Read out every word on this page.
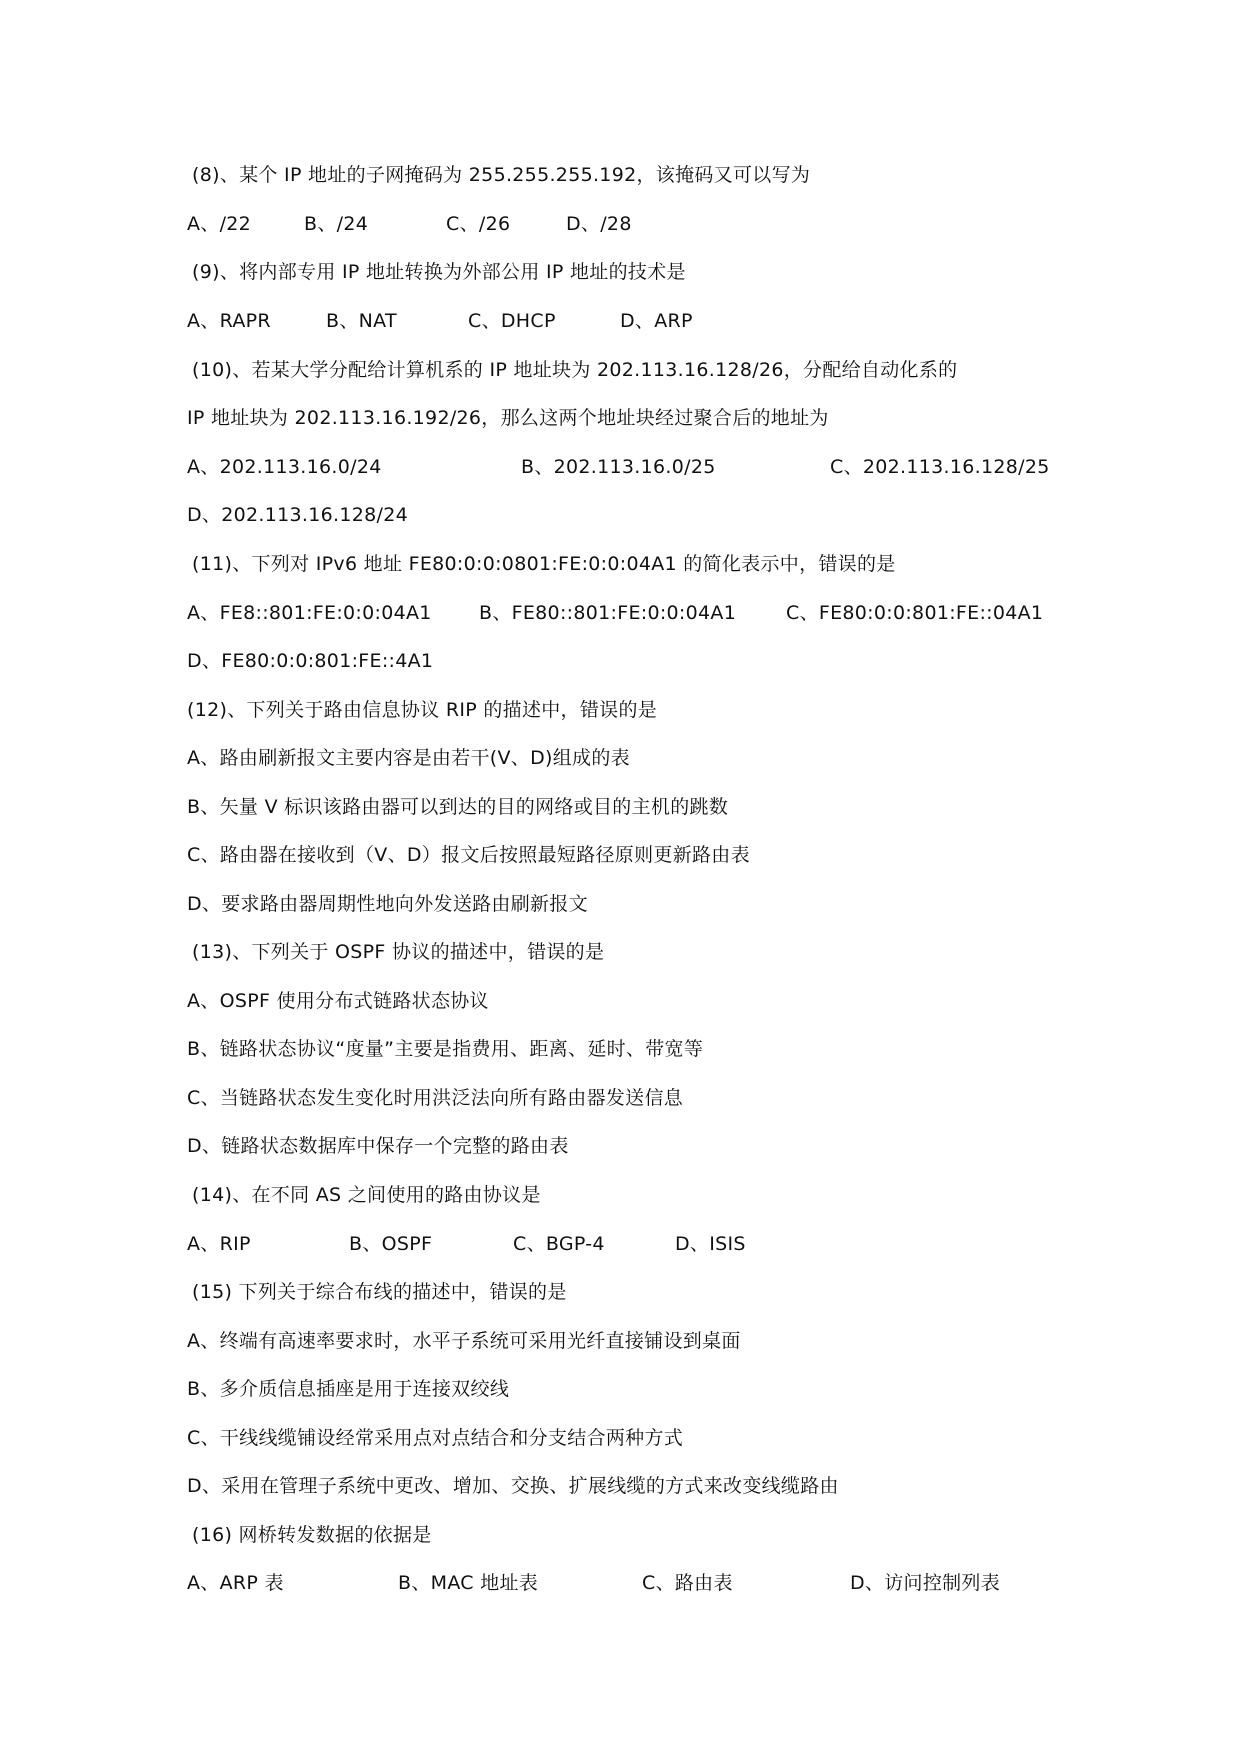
(8)、某个 IP 地址的子网掩码为 255.255.255.192，该掩码又可以写为
A、/22	B、/24	C、/26	D、/28
(9)、将内部专用 IP 地址转换为外部公用 IP 地址的技术是
A、RAPR	B、NAT	C、DHCP	D、ARP
(10)、若某大学分配给计算机系的 IP 地址块为 202.113.16.128/26，分配给自动化系的
IP 地址块为 202.113.16.192/26，那么这两个地址块经过聚合后的地址为
A、202.113.16.0/24	B、202.113.16.0/25	C、202.113.16.128/25
D、202.113.16.128/24
(11)、下列对 IPv6 地址 FE80:0:0:0801:FE:0:0:04A1 的简化表示中，错误的是
A、FE8::801:FE:0:0:04A1 B、FE80::801:FE:0:0:04A1	C、FE80:0:0:801:FE::04A1
D、FE80:0:0:801:FE::4A1
(12)、下列关于路由信息协议 RIP 的描述中，错误的是
A、路由刷新报文主要内容是由若干(V、D)组成的表
B、矢量 V 标识该路由器可以到达的目的网络或目的主机的跳数
C、路由器在接收到（V、D）报文后按照最短路径原则更新路由表
D、要求路由器周期性地向外发送路由刷新报文
(13)、下列关于 OSPF 协议的描述中，错误的是
A、OSPF 使用分布式链路状态协议
B、链路状态协议“度量”主要是指费用、距离、延时、带宽等
C、当链路状态发生变化时用洪泛法向所有路由器发送信息
D、链路状态数据库中保存一个完整的路由表
(14)、在不同 AS 之间使用的路由协议是
A、RIP	B、OSPF	C、BGP-4	D、ISIS
(15) 下列关于综合布线的描述中，错误的是
A、终端有高速率要求时，水平子系统可采用光纤直接铺设到桌面
B、多介质信息插座是用于连接双绞线
C、干线线缆铺设经常采用点对点结合和分支结合两种方式
D、采用在管理子系统中更改、增加、交换、扩展线缆的方式来改变线缆路由
(16) 网桥转发数据的依据是
A、ARP 表	B、MAC 地址表	C、路由表	D、访问控制列表
